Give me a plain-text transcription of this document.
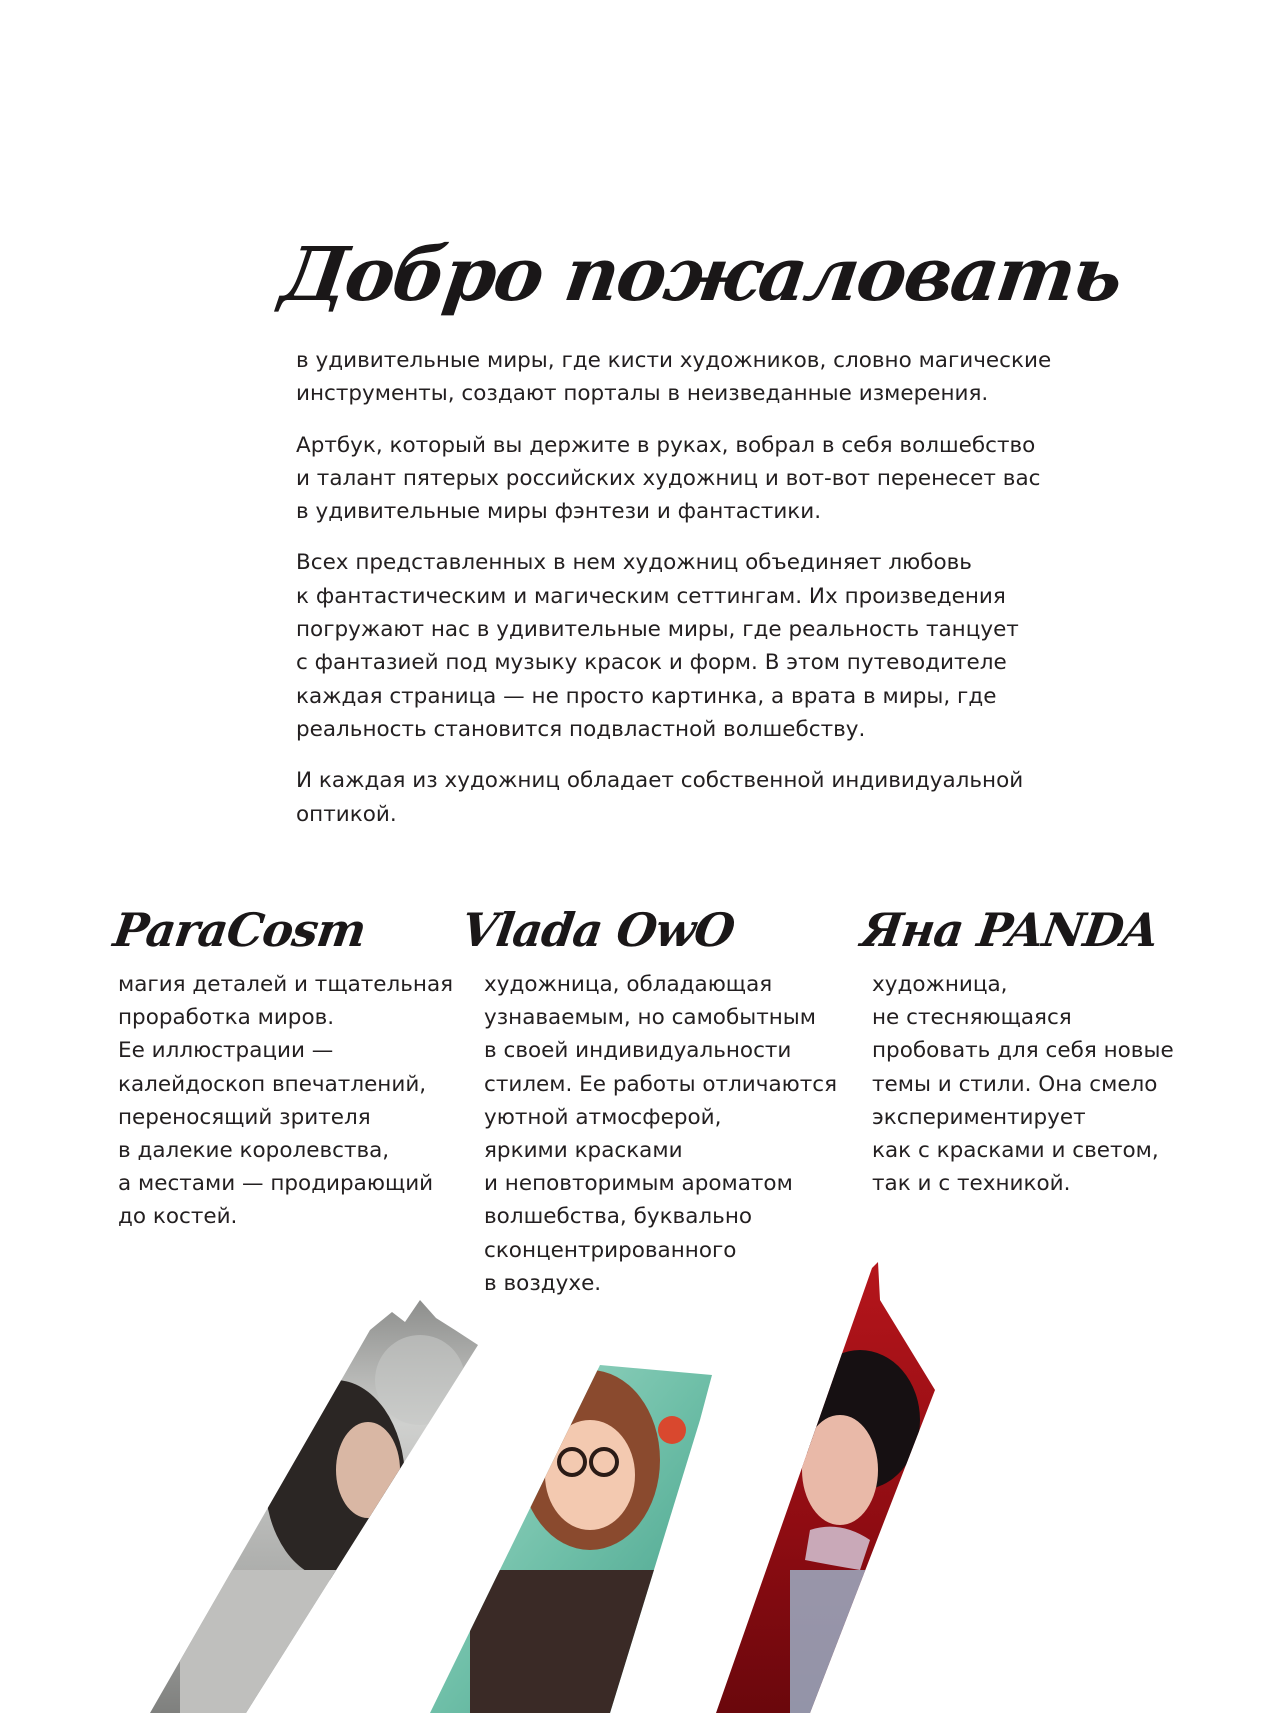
Добро пожаловать

в удивительные миры, где кисти художников, словно магические
инструменты, создают порталы в неизведанные измерения.

Артбук, который вы держите в руках, вобрал в себя волшебство
и талант пятерых российских художниц и вот-вот перенесет вас
в удивительные миры фэнтези и фантастики.

Всех представленных в нем художниц объединяет любовь
к фантастическим и магическим сеттингам. Их произведения
погружают нас в удивительные миры, где реальность танцует
с фантазией под музыку красок и форм. В этом путеводителе
каждая страница — не просто картинка, а врата в миры, где
реальность становится подвластной волшебству.

И каждая из художниц обладает собственной индивидуальной
оптикой.

ParaCosm

магия деталей и тщательная
проработка миров.
Ее иллюстрации —
калейдоскоп впечатлений,
переносящий зрителя
в далекие королевства,
а местами — продирающий
до костей.

Vlada OwO

художница, обладающая
узнаваемым, но самобытным
в своей индивидуальности
стилем. Ее работы отличаются
уютной атмосферой,
яркими красками
и неповторимым ароматом
волшебства, буквально
сконцентрированного
в воздухе.

Яна PANDA

художница,
не стесняющаяся
пробовать для себя новые
темы и стили. Она смело
экспериментирует
как с красками и светом,
так и с техникой.
